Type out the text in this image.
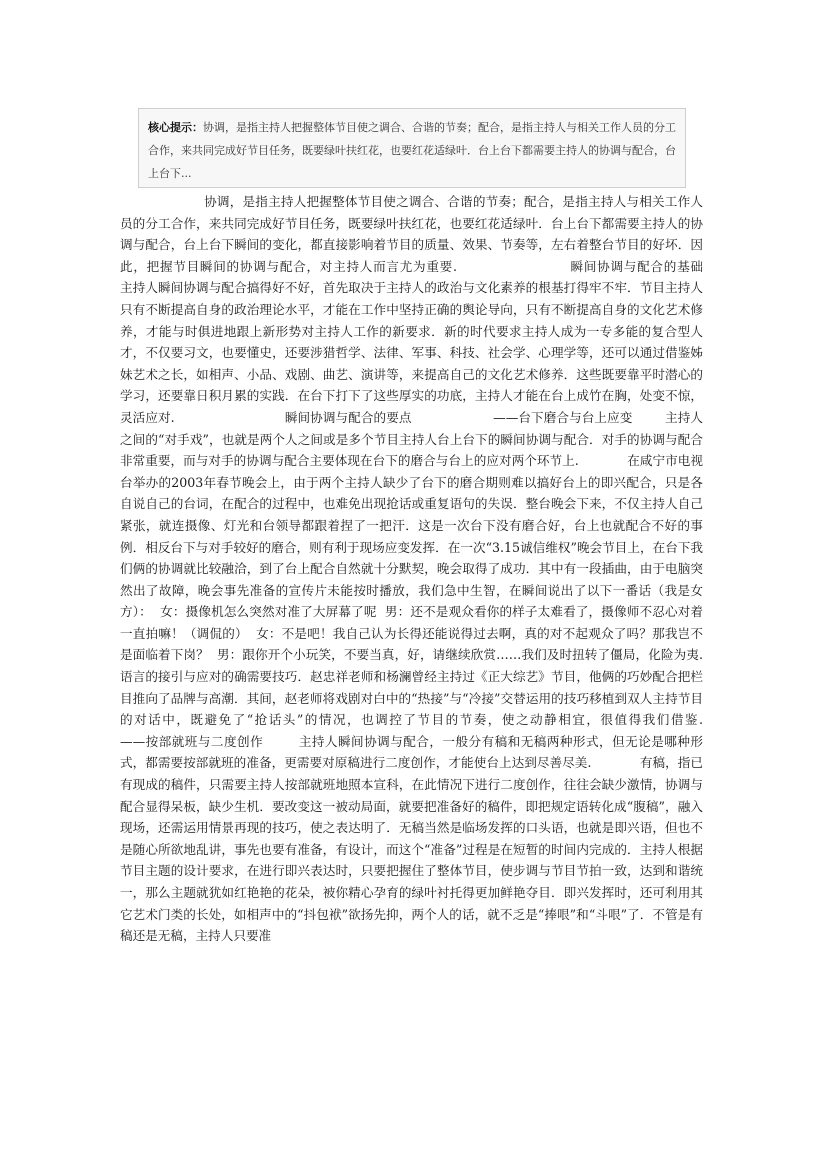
核心提示：协调，是指主持人把握整体节目使之调合、合谐的节奏；配合，是指主持人与相关工作人员的分工合作，来共同完成好节目任务，既要绿叶扶红花，也要红花适绿叶．台上台下都需要主持人的协调与配合，台上台下...
协调，是指主持人把握整体节目使之调合、合谐的节奏；配合，是指主持人与相关工作人员的分工合作，来共同完成好节目任务，既要绿叶扶红花，也要红花适绿叶．台上台下都需要主持人的协调与配合，台上台下瞬间的变化，都直接影响着节目的质量、效果、节奏等，左右着整台节目的好坏．因此，把握节目瞬间的协调与配合，对主持人而言尤为重要.                        瞬间协调与配合的基础        主持人瞬间协调与配合搞得好不好，首先取决于主持人的政治与文化素养的根基打得牢不牢．节目主持人只有不断提高自身的政治理论水平，才能在工作中坚持正确的舆论导向，只有不断提高自身的文化艺术修养，才能与时俱进地跟上新形势对主持人工作的新要求．新的时代要求主持人成为一专多能的复合型人才，不仅要习文，也要懂史，还要涉猎哲学、法律、军事、科技、社会学、心理学等，还可以通过借鉴姊妹艺术之长，如相声、小品、戏剧、曲艺、演讲等，来提高自己的文化艺术修养．这些既要靠平时潜心的学习，还要靠日积月累的实践．在台下打下了这些厚实的功底，主持人才能在台上成竹在胸，处变不惊，灵活应对.                           瞬间协调与配合的要点                    ——台下磨合与台上应变        主持人之间的“对手戏”，也就是两个人之间或是多个节目主持人台上台下的瞬间协调与配合．对手的协调与配合非常重要，而与对手的协调与配合主要体现在台下的磨合与台上的应对两个环节上.            在咸宁市电视台举办的2003年春节晚会上，由于两个主持人缺少了台下的磨合期则难以搞好台上的即兴配合，只是各自说自己的台词，在配合的过程中，也难免出现抢话或重复语句的失误．整台晚会下来，不仅主持人自己紧张，就连摄像、灯光和台领导都跟着捏了一把汗．这是一次台下没有磨合好，台上也就配合不好的事例．相反台下与对手较好的磨合，则有利于现场应变发挥．在一次“3.15诚信维权”晚会节目上，在台下我们俩的协调就比较融洽，到了台上配合自然就十分默契，晚会取得了成功．其中有一段插曲，由于电脑突然出了故障，晚会事先准备的宣传片未能按时播放，我们急中生智，在瞬间说出了以下一番话（我是女方）：  女：摄像机怎么突然对准了大屏幕了呢  男：还不是观众看你的样子太难看了，摄像师不忍心对着一直拍嘛！（调侃的）  女：不是吧！我自己认为长得还能说得过去啊，真的对不起观众了吗？那我岂不是面临着下岗？  男：跟你开个小玩笑，不要当真，好，请继续欣赏……我们及时扭转了僵局，化险为夷.          语言的接引与应对的确需要技巧．赵忠祥老师和杨澜曾经主持过《正大综艺》节目，他俩的巧妙配合把栏目推向了品牌与高潮．其间，赵老师将戏剧对白中的“热接”与“冷接”交替运用的技巧移植到双人主持节目的对话中，既避免了“抢话头”的情况，也调控了节目的节奏，使之动静相宜，很值得我们借鉴.                           ——按部就班与二度创作        主持人瞬间协调与配合，一般分有稿和无稿两种形式，但无论是哪种形式，都需要按部就班的准备，更需要对原稿进行二度创作，才能使台上达到尽善尽美.            有稿，指已有现成的稿件，只需要主持人按部就班地照本宣科，在此情况下进行二度创作，往往会缺少激情，协调与配合显得呆板，缺少生机．要改变这一被动局面，就要把准备好的稿件，即把规定语转化成“腹稿”，融入现场，还需运用情景再现的技巧，使之表达明了．无稿当然是临场发挥的口头语，也就是即兴语，但也不是随心所欲地乱讲，事先也要有准备，有设计，而这个“准备”过程是在短暂的时间内完成的．主持人根据节目主题的设计要求，在进行即兴表达时，只要把握住了整体节目，使步调与节目节拍一致，达到和谐统一，那么主题就犹如红艳艳的花朵，被你精心孕育的绿叶衬托得更加鲜艳夺目．即兴发挥时，还可利用其它艺术门类的长处，如相声中的“抖包袱”欲扬先抑，两个人的话，就不乏是“捧哏”和“斗哏”了．不管是有稿还是无稿，主持人只要准
